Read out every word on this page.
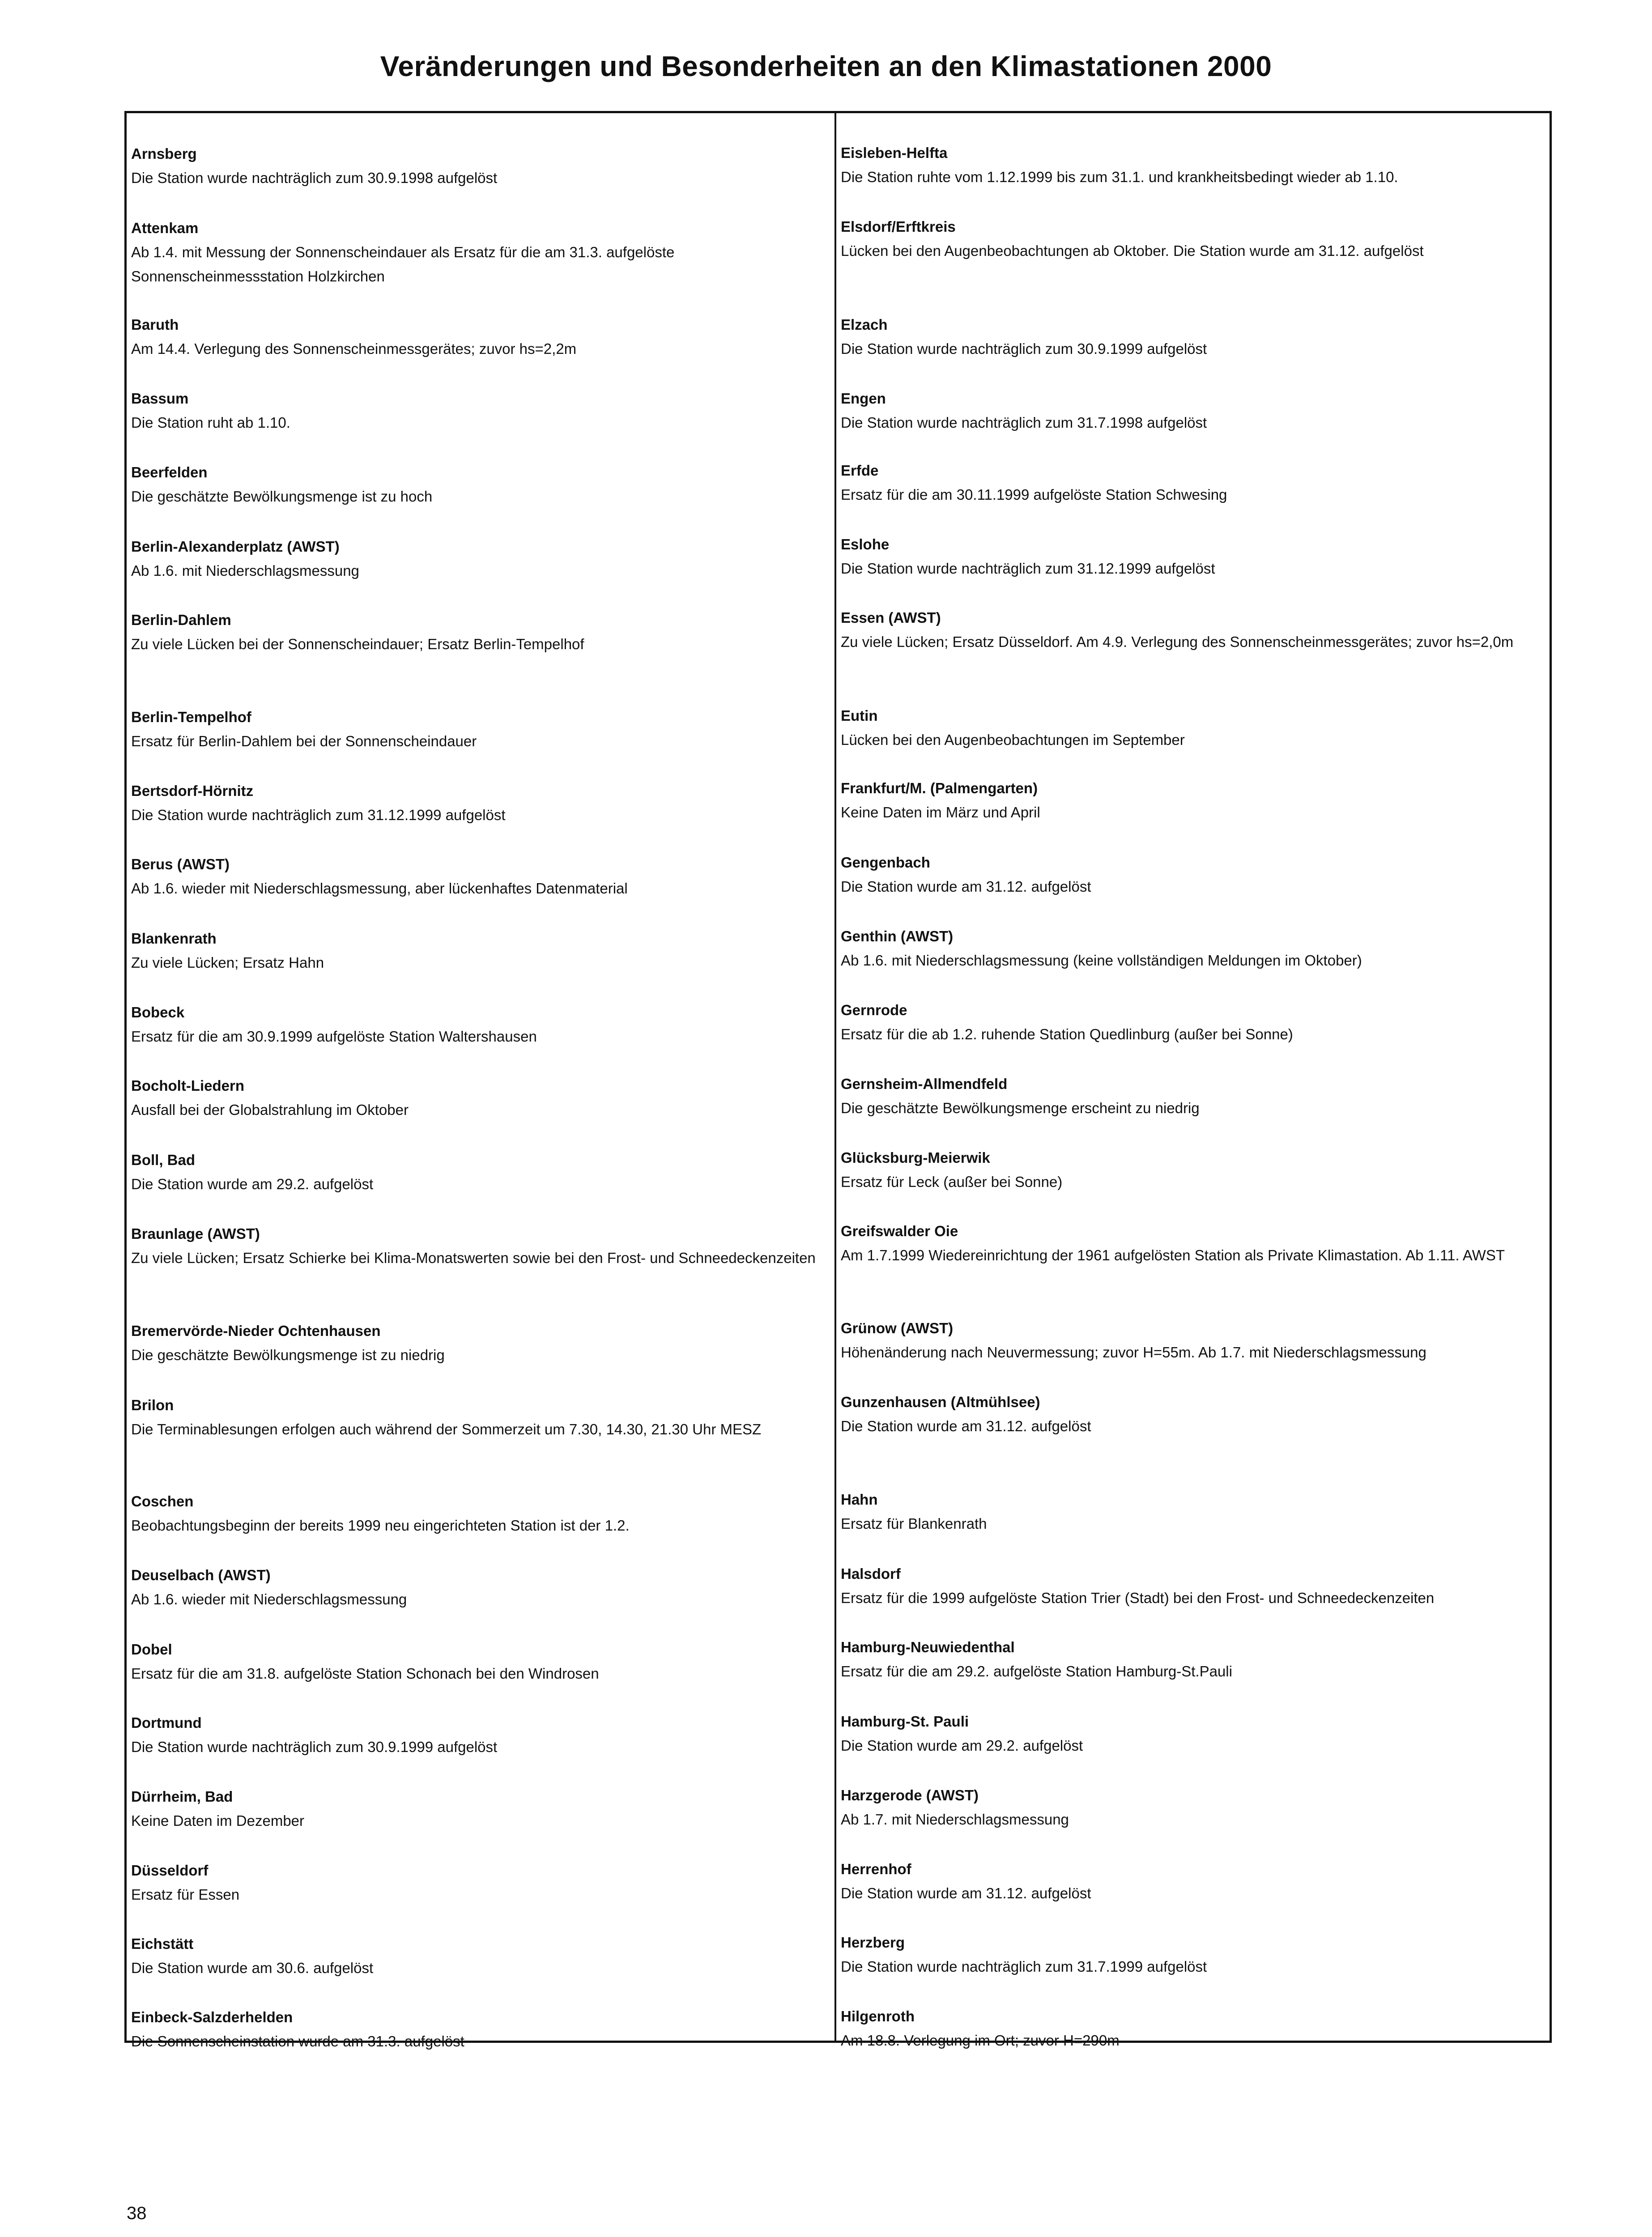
Veränderungen und Besonderheiten an den Klimastationen 2000
Arnsberg
Die Station wurde nachträglich zum 30.9.1998 aufgelöst
Attenkam
Ab 1.4. mit Messung der Sonnenscheindauer als Ersatz für die am 31.3. aufgelöste Sonnenscheinmessstation Holzkirchen
Baruth
Am 14.4. Verlegung des Sonnenscheinmessgerätes; zuvor hs=2,2m
Bassum
Die Station ruht ab 1.10.
Beerfelden
Die geschätzte Bewölkungsmenge ist zu hoch
Berlin-Alexanderplatz (AWST)
Ab 1.6. mit Niederschlagsmessung
Berlin-Dahlem
Zu viele Lücken bei der Sonnenscheindauer; Ersatz Berlin-Tempelhof
Berlin-Tempelhof
Ersatz für Berlin-Dahlem bei der Sonnenscheindauer
Bertsdorf-Hörnitz
Die Station wurde nachträglich zum 31.12.1999 aufgelöst
Berus (AWST)
Ab 1.6. wieder mit Niederschlagsmessung, aber lückenhaftes Datenmaterial
Blankenrath
Zu viele Lücken; Ersatz Hahn
Bobeck
Ersatz für die am 30.9.1999 aufgelöste Station Waltershausen
Bocholt-Liedern
Ausfall bei der Globalstrahlung im Oktober
Boll, Bad
Die Station wurde am 29.2. aufgelöst
Braunlage (AWST)
Zu viele Lücken; Ersatz Schierke bei Klima-Monatswerten sowie bei den Frost- und Schneedeckenzeiten
Bremervörde-Nieder Ochtenhausen
Die geschätzte Bewölkungsmenge ist zu niedrig
Brilon
Die Terminablesungen erfolgen auch während der Sommerzeit um 7.30, 14.30, 21.30 Uhr MESZ
Coschen
Beobachtungsbeginn der bereits 1999 neu eingerichteten Station ist der 1.2.
Deuselbach (AWST)
Ab 1.6. wieder mit Niederschlagsmessung
Dobel
Ersatz für die am 31.8. aufgelöste Station Schonach bei den Windrosen
Dortmund
Die Station wurde nachträglich zum 30.9.1999 aufgelöst
Dürrheim, Bad
Keine Daten im Dezember
Düsseldorf
Ersatz für Essen
Eichstätt
Die Station wurde am 30.6. aufgelöst
Einbeck-Salzderhelden
Die Sonnenscheinstation wurde am 31.3. aufgelöst
Eisleben-Helfta
Die Station ruhte vom 1.12.1999 bis zum 31.1. und krankheitsbedingt wieder ab 1.10.
Elsdorf/Erftkreis
Lücken bei den Augenbeobachtungen ab Oktober. Die Station wurde am 31.12. aufgelöst
Elzach
Die Station wurde nachträglich zum 30.9.1999 aufgelöst
Engen
Die Station wurde nachträglich zum 31.7.1998 aufgelöst
Erfde
Ersatz für die am 30.11.1999 aufgelöste Station Schwesing
Eslohe
Die Station wurde nachträglich zum 31.12.1999 aufgelöst
Essen (AWST)
Zu viele Lücken; Ersatz Düsseldorf. Am 4.9. Verlegung des Sonnenscheinmessgerätes; zuvor hs=2,0m
Eutin
Lücken bei den Augenbeobachtungen im September
Frankfurt/M. (Palmengarten)
Keine Daten im März und April
Gengenbach
Die Station wurde am 31.12. aufgelöst
Genthin (AWST)
Ab 1.6. mit Niederschlagsmessung (keine vollständigen Meldungen im Oktober)
Gernrode
Ersatz für die ab 1.2. ruhende Station Quedlinburg (außer bei Sonne)
Gernsheim-Allmendfeld
Die geschätzte Bewölkungsmenge erscheint zu niedrig
Glücksburg-Meierwik
Ersatz für Leck (außer bei Sonne)
Greifswalder Oie
Am 1.7.1999 Wiedereinrichtung der 1961 aufgelösten Station als Private Klimastation. Ab 1.11. AWST
Grünow (AWST)
Höhenänderung nach Neuvermessung; zuvor H=55m. Ab 1.7. mit Niederschlagsmessung
Gunzenhausen (Altmühlsee)
Die Station wurde am 31.12. aufgelöst
Hahn
Ersatz für Blankenrath
Halsdorf
Ersatz für die 1999 aufgelöste Station Trier (Stadt) bei den Frost- und Schneedeckenzeiten
Hamburg-Neuwiedenthal
Ersatz für die am 29.2. aufgelöste Station Hamburg-St.Pauli
Hamburg-St. Pauli
Die Station wurde am 29.2. aufgelöst
Harzgerode (AWST)
Ab 1.7. mit Niederschlagsmessung
Herrenhof
Die Station wurde am 31.12. aufgelöst
Herzberg
Die Station wurde nachträglich zum 31.7.1999 aufgelöst
Hilgenroth
Am 18.8. Verlegung im Ort; zuvor H=290m
38
